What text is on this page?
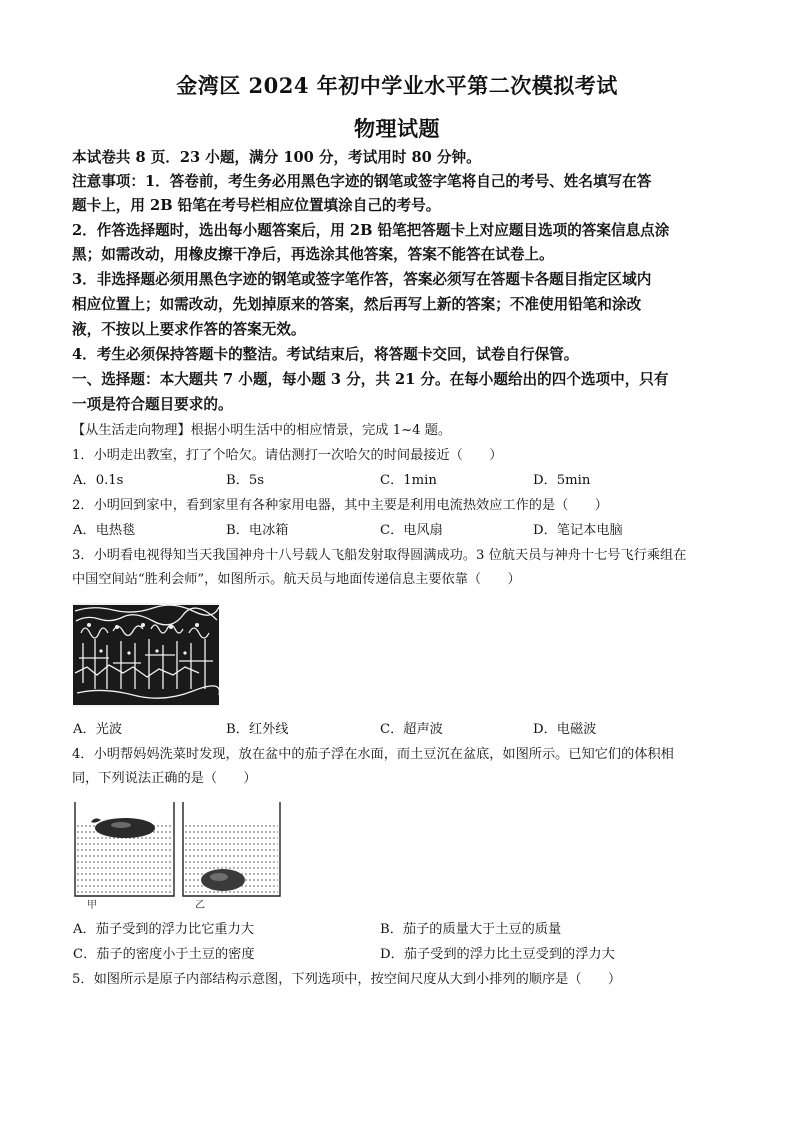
金湾区 2024 年初中学业水平第二次模拟考试
物理试题
本试卷共 8 页．23 小题，满分 100 分，考试用时 80 分钟。
注意事项：1．答卷前，考生务必用黑色字迹的钢笔或签字笔将自己的考号、姓名填写在答
题卡上，用 2B 铅笔在考号栏相应位置填涂自己的考号。
2．作答选择题时，选出每小题答案后，用 2B 铅笔把答题卡上对应题目选项的答案信息点涂
黑；如需改动，用橡皮擦干净后，再选涂其他答案，答案不能答在试卷上。
3．非选择题必须用黑色字迹的钢笔或签字笔作答，答案必须写在答题卡各题目指定区域内
相应位置上；如需改动，先划掉原来的答案，然后再写上新的答案；不准使用铅笔和涂改
液，不按以上要求作答的答案无效。
4．考生必须保持答题卡的整洁。考试结束后，将答题卡交回，试卷自行保管。
一、选择题：本大题共 7 小题，每小题 3 分，共 21 分。在每小题给出的四个选项中，只有
一项是符合题目要求的。
【从生活走向物理】根据小明生活中的相应情景，完成 1~4 题。
1．小明走出教室，打了个哈欠。请估测打一次哈欠的时间最接近（　　）
A．0.1s	B．5s	C．1min	D．5min
2．小明回到家中，看到家里有各种家用电器，其中主要是利用电流热效应工作的是（　　）
A．电热毯	B．电冰箱	C．电风扇	D．笔记本电脑
3．小明看电视得知当天我国神舟十八号载人飞船发射取得圆满成功。3 位航天员与神舟十七号飞行乘组在
中国空间站“胜利会师”，如图所示。航天员与地面传递信息主要依靠（　　）
A．光波	B．红外线	C．超声波	D．电磁波
4．小明帮妈妈洗菜时发现，放在盆中的茄子浮在水面，而土豆沉在盆底，如图所示。已知它们的体积相
同，下列说法正确的是（　　）
甲	乙
A．茄子受到的浮力比它重力大	B．茄子的质量大于土豆的质量
C．茄子的密度小于土豆的密度	D．茄子受到的浮力比土豆受到的浮力大
5．如图所示是原子内部结构示意图，下列选项中，按空间尺度从大到小排列的顺序是（　　）
